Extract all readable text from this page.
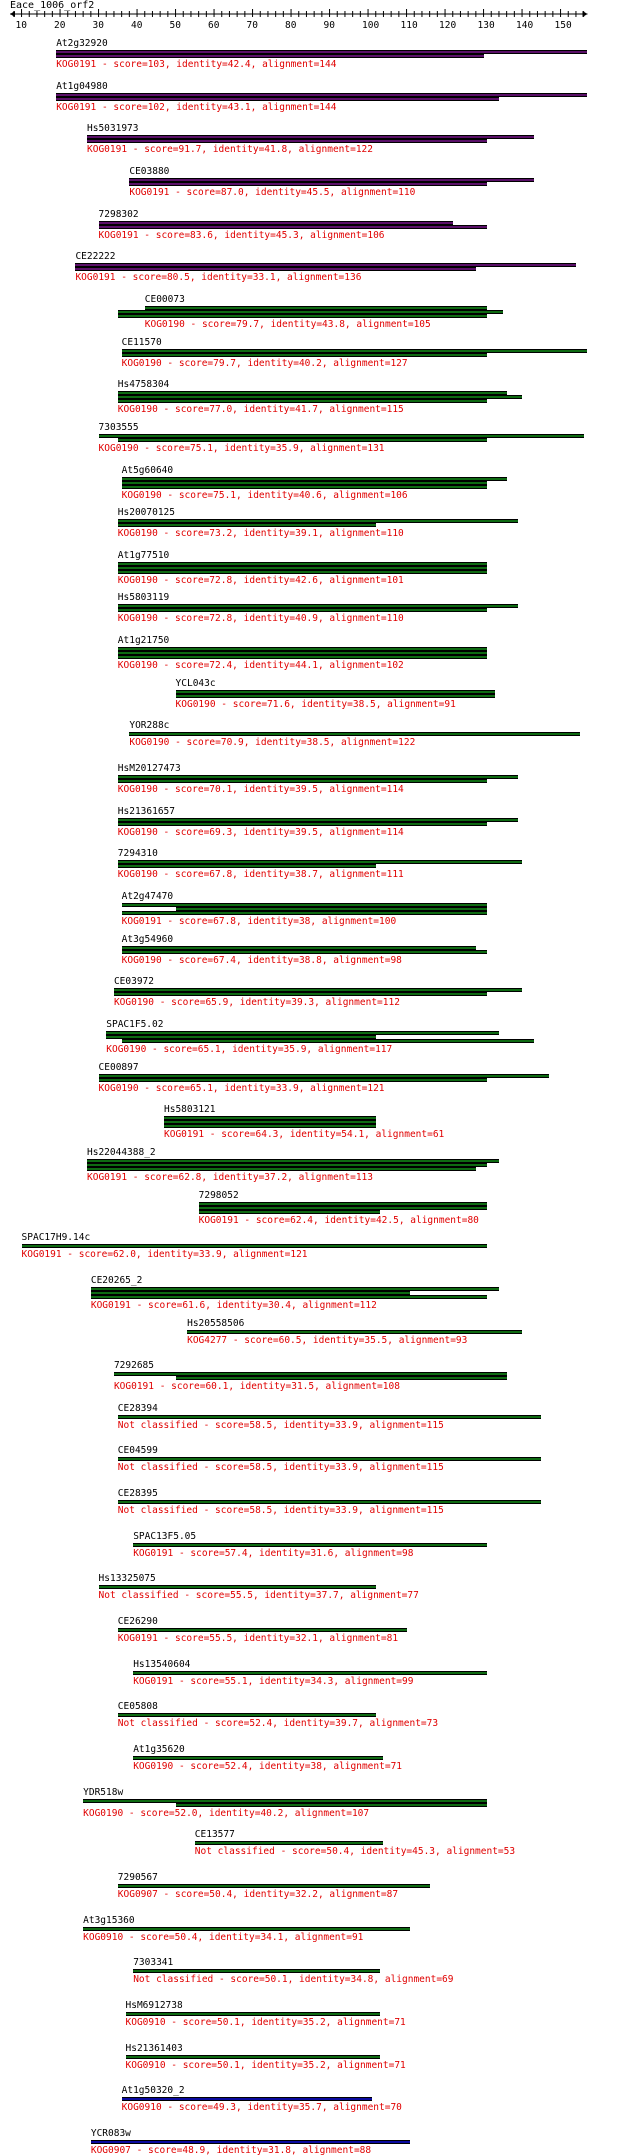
Eace_1006_orf2
10	20	30	40	50	60	70	80	90	100 110 120 130 140 150
At2g32920
KOG0191 - score=103, identity=42.4, alignment=144
At1g04980
KOG0191 - score=102, identity=43.1, alignment=144
Hs5031973
KOG0191 - score=91.7, identity=41.8, alignment=122
CE03880
KOG0191 - score=87.0, identity=45.5, alignment=110
7298302
KOG0191 - score=83.6, identity=45.3, alignment=106
CE22222
KOG0191 - score=80.5, identity=33.1, alignment=136
CE00073
KOG0190 - score=79.7, identity=43.8, alignment=105
CE11570
KOG0190 - score=79.7, identity=40.2, alignment=127
Hs4758304
KOG0190 - score=77.0, identity=41.7, alignment=115
7303555
KOG0190 - score=75.1, identity=35.9, alignment=131
At5g60640
KOG0190 - score=75.1, identity=40.6, alignment=106
Hs20070125
KOG0190 - score=73.2, identity=39.1, alignment=110
At1g77510
KOG0190 - score=72.8, identity=42.6, alignment=101
Hs5803119
KOG0190 - score=72.8, identity=40.9, alignment=110
At1g21750
KOG0190 - score=72.4, identity=44.1, alignment=102
YCL043c
KOG0190 - score=71.6, identity=38.5, alignment=91
YOR288c
KOG0190 - score=70.9, identity=38.5, alignment=122
HsM20127473
KOG0190 - score=70.1, identity=39.5, alignment=114
Hs21361657
KOG0190 - score=69.3, identity=39.5, alignment=114
7294310
KOG0190 - score=67.8, identity=38.7, alignment=111
At2g47470
KOG0191 - score=67.8, identity=38, alignment=100
At3g54960
KOG0190 - score=67.4, identity=38.8, alignment=98
CE03972
KOG0190 - score=65.9, identity=39.3, alignment=112
SPAC1F5.02
KOG0190 - score=65.1, identity=35.9, alignment=117
CE00897
KOG0190 - score=65.1, identity=33.9, alignment=121
Hs5803121
KOG0191 - score=64.3, identity=54.1, alignment=61
Hs22044388_2
KOG0191 - score=62.8, identity=37.2, alignment=113
7298052
KOG0191 - score=62.4, identity=42.5, alignment=80
SPAC17H9.14c
KOG0191 - score=62.0, identity=33.9, alignment=121
CE20265_2
KOG0191 - score=61.6, identity=30.4, alignment=112
Hs20558506
KOG4277 - score=60.5, identity=35.5, alignment=93
7292685
KOG0191 - score=60.1, identity=31.5, alignment=108
CE28394
Not classified - score=58.5, identity=33.9, alignment=115
CE04599
Not classified - score=58.5, identity=33.9, alignment=115
CE28395
Not classified - score=58.5, identity=33.9, alignment=115
SPAC13F5.05
KOG0191 - score=57.4, identity=31.6, alignment=98
Hs13325075
Not classified - score=55.5, identity=37.7, alignment=77
CE26290
KOG0191 - score=55.5, identity=32.1, alignment=81
Hs13540604
KOG0191 - score=55.1, identity=34.3, alignment=99
CE05808
Not classified - score=52.4, identity=39.7, alignment=73
At1g35620
KOG0190 - score=52.4, identity=38, alignment=71
YDR518w
KOG0190 - score=52.0, identity=40.2, alignment=107
CE13577
Not classified - score=50.4, identity=45.3, alignment=53
7290567
KOG0907 - score=50.4, identity=32.2, alignment=87
At3g15360
KOG0910 - score=50.4, identity=34.1, alignment=91
7303341
Not classified - score=50.1, identity=34.8, alignment=69
HsM6912738
KOG0910 - score=50.1, identity=35.2, alignment=71
Hs21361403
KOG0910 - score=50.1, identity=35.2, alignment=71
At1g50320_2
KOG0910 - score=49.3, identity=35.7, alignment=70
YCR083w
KOG0907 - score=48.9, identity=31.8, alignment=88
